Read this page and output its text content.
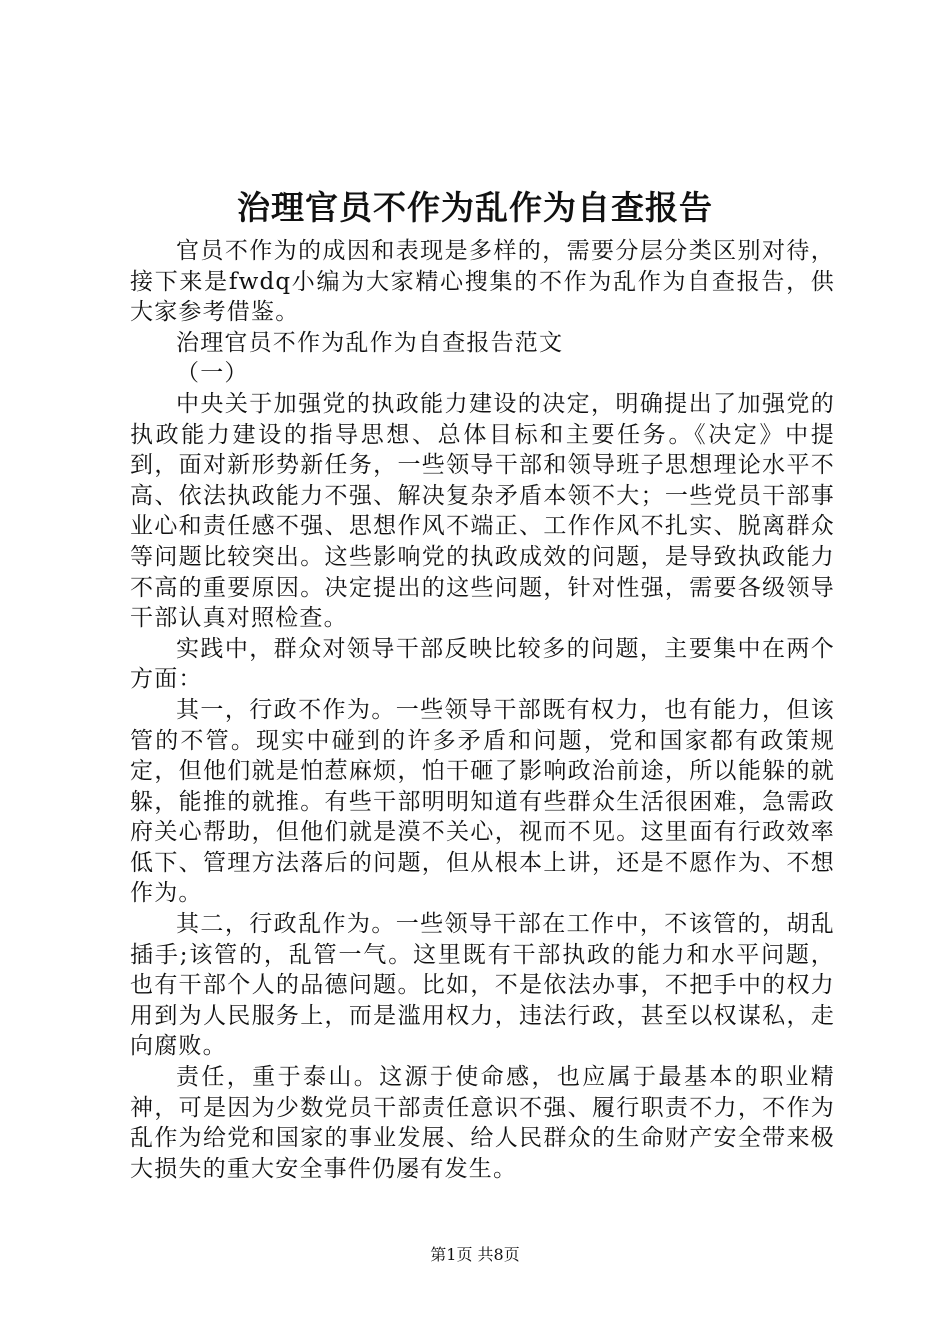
治理官员不作为乱作为自查报告

官员不作为的成因和表现是多样的，需要分层分类区别对待，接下来是fwdq小编为大家精心搜集的不作为乱作为自查报告，供大家参考借鉴。

治理官员不作为乱作为自查报告范文

（一）

中央关于加强党的执政能力建设的决定，明确提出了加强党的执政能力建设的指导思想、总体目标和主要任务。《决定》中提到，面对新形势新任务，一些领导干部和领导班子思想理论水平不高、依法执政能力不强、解决复杂矛盾本领不大；一些党员干部事业心和责任感不强、思想作风不端正、工作作风不扎实、脱离群众等问题比较突出。这些影响党的执政成效的问题，是导致执政能力不高的重要原因。决定提出的这些问题，针对性强，需要各级领导干部认真对照检查。

实践中，群众对领导干部反映比较多的问题，主要集中在两个方面：

其一，行政不作为。一些领导干部既有权力，也有能力，但该管的不管。现实中碰到的许多矛盾和问题，党和国家都有政策规定，但他们就是怕惹麻烦，怕干砸了影响政治前途，所以能躲的就躲，能推的就推。有些干部明明知道有些群众生活很困难，急需政府关心帮助，但他们就是漠不关心，视而不见。这里面有行政效率低下、管理方法落后的问题，但从根本上讲，还是不愿作为、不想作为。

其二，行政乱作为。一些领导干部在工作中，不该管的，胡乱插手;该管的，乱管一气。这里既有干部执政的能力和水平问题，也有干部个人的品德问题。比如，不是依法办事，不把手中的权力用到为人民服务上，而是滥用权力，违法行政，甚至以权谋私，走向腐败。

责任，重于泰山。这源于使命感，也应属于最基本的职业精神，可是因为少数党员干部责任意识不强、履行职责不力，不作为乱作为给党和国家的事业发展、给人民群众的生命财产安全带来极大损失的重大安全事件仍屡有发生。

第1页 共8页
